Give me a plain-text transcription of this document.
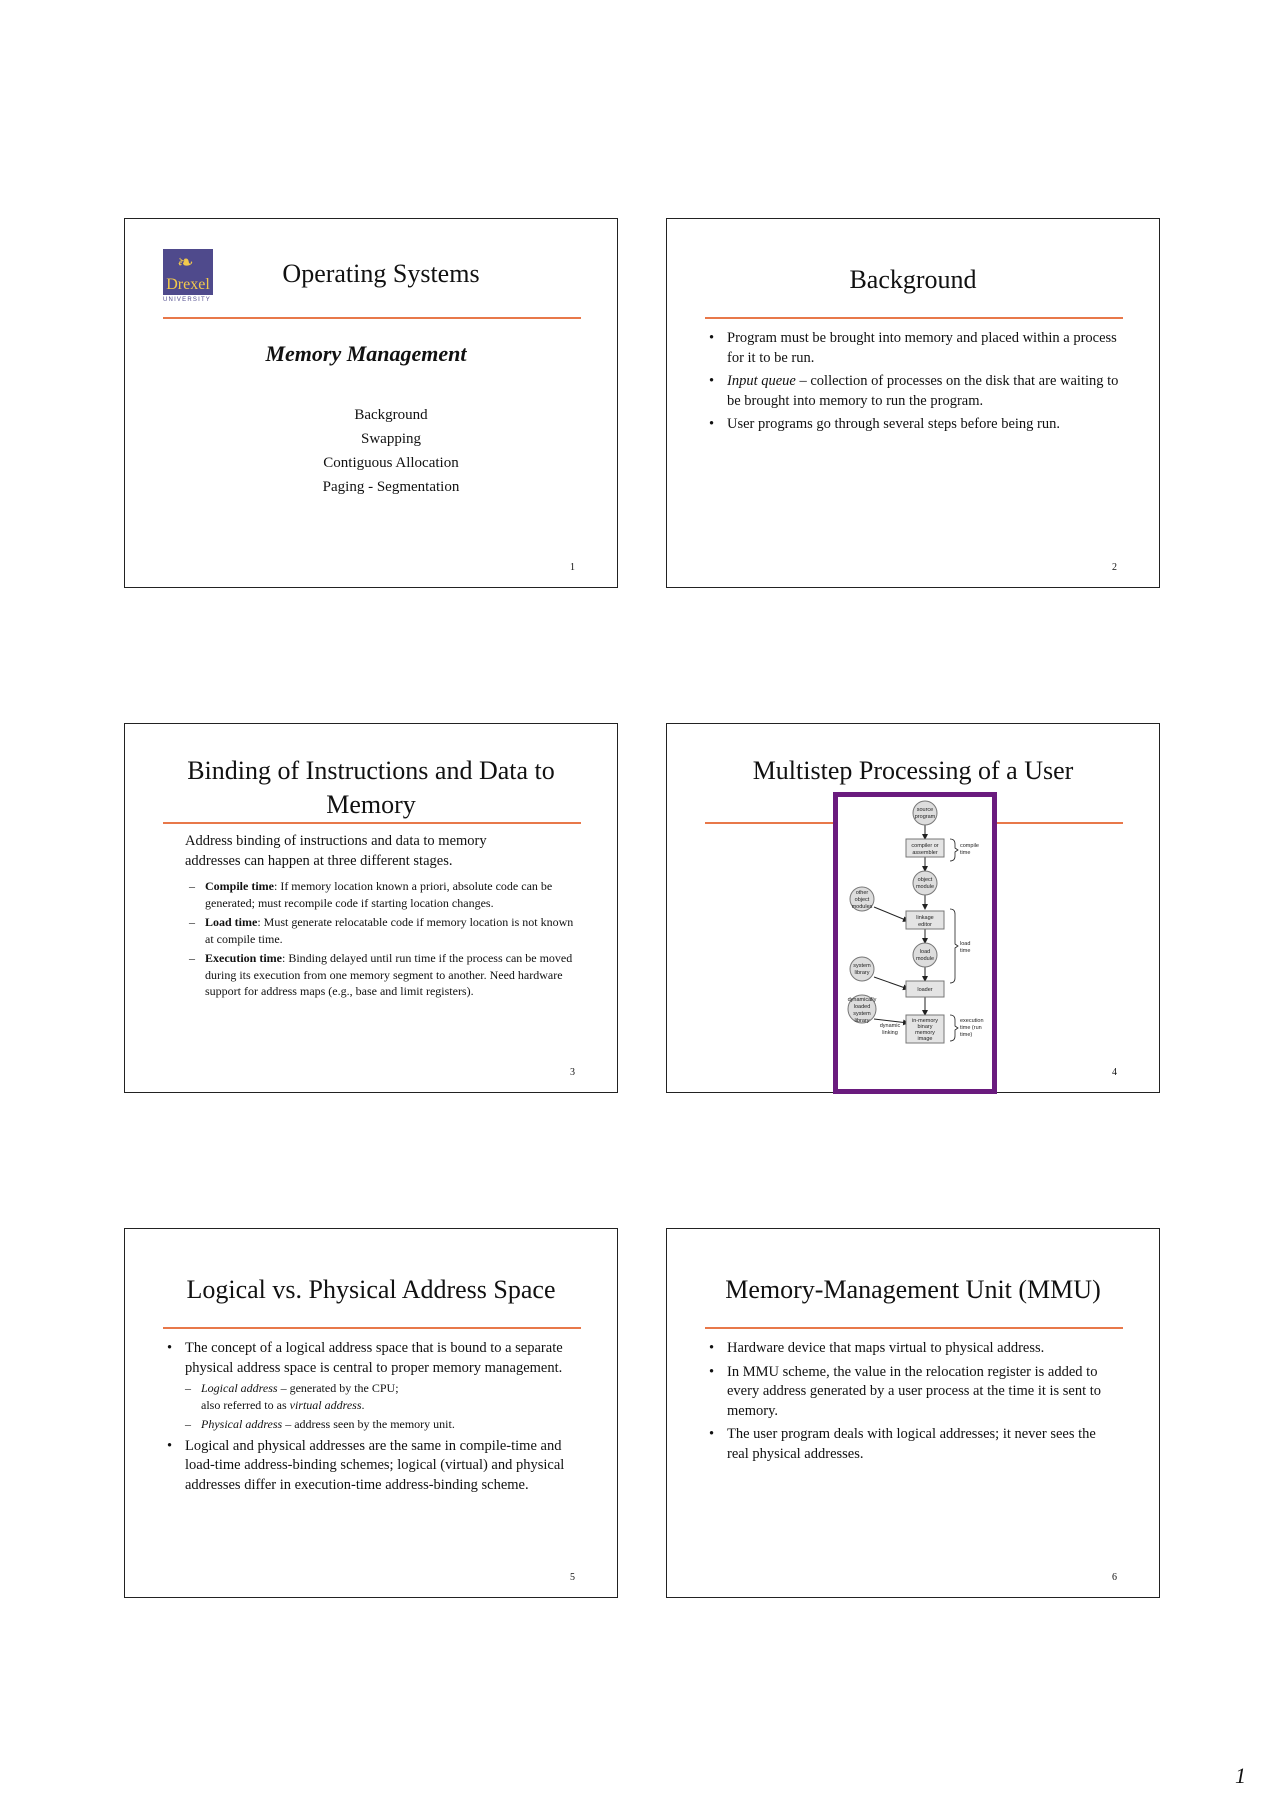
❧
Drexel
UNIVERSITY
Operating Systems
Memory Management
Background
Swapping
Contiguous Allocation
Paging - Segmentation
1
Background
• Program must be brought into memory and placed within a process for it to be run.
• Input queue – collection of processes on the disk that are waiting to be brought into memory to run the program.
• User programs go through several steps before being run.
2
Binding of Instructions and Data to Memory
Address binding of instructions and data to memory addresses can happen at three different stages.
– Compile time: If memory location known a priori, absolute code can be generated; must recompile code if starting location changes.
– Load time: Must generate relocatable code if memory location is not known at compile time.
– Execution time: Binding delayed until run time if the process can be moved during its execution from one memory segment to another. Need hardware support for address maps (e.g., base and limit registers).
3
Multistep Processing of a User
source
program
compiler or
assembler
object
module
other
object
modules
linkage
editor
load
module
system
library
loader
dynamically
loaded
system
library
dynamic
linking
in-memory
binary
memory
image
compile
time
load
time
execution
time (run
time)
4
Logical vs. Physical Address Space
• The concept of a logical address space that is bound to a separate physical address space is central to proper memory management.
– Logical address – generated by the CPU;
also referred to as virtual address.
– Physical address – address seen by the memory unit.
• Logical and physical addresses are the same in compile-time and load-time address-binding schemes; logical (virtual) and physical addresses differ in execution-time address-binding scheme.
5
Memory-Management Unit (MMU)
• Hardware device that maps virtual to physical address.
• In MMU scheme, the value in the relocation register is added to every address generated by a user process at the time it is sent to memory.
• The user program deals with logical addresses; it never sees the real physical addresses.
6
1
